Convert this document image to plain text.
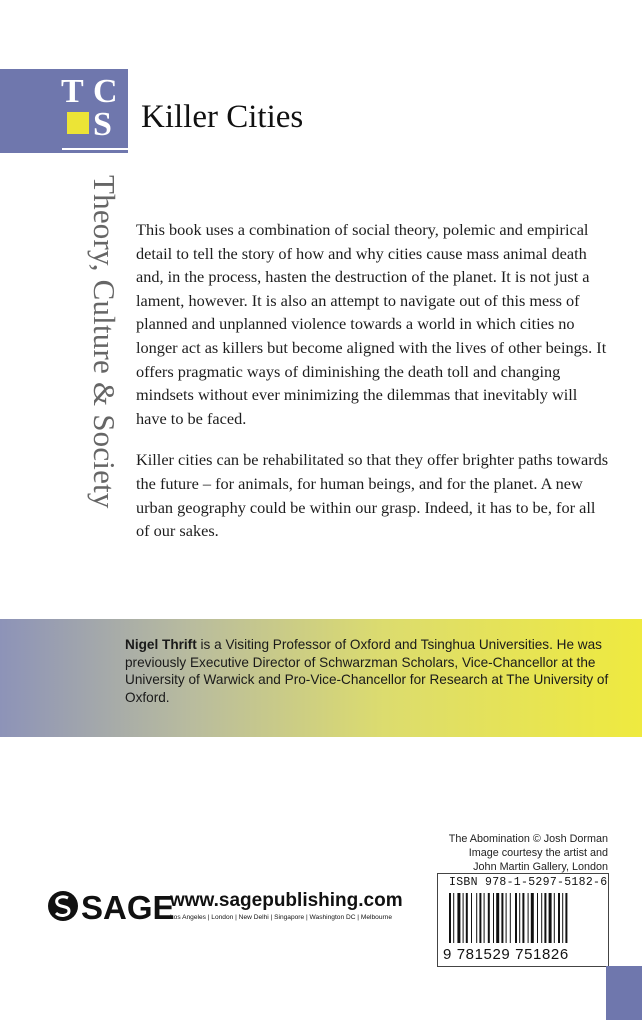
T C
S Killer Cities
Theory, Culture & Society This book uses a combination of social theory, polemic and empirical detail to tell the story of how and why cities cause mass animal death and, in the process, hasten the destruction of the planet. It is not just a lament, however. It is also an attempt to navigate out of this mess of planned and unplanned violence towards a world in which cities no longer act as killers but become aligned with the lives of other beings. It offers pragmatic ways of diminishing the death toll and changing mindsets without ever minimizing the dilemmas that inevitably will have to be faced.

Killer cities can be rehabilitated so that they offer brighter paths towards the future – for animals, for human beings, and for the planet. A new urban geography could be within our grasp. Indeed, it has to be, for all of our sakes.

Nigel Thrift is a Visiting Professor of Oxford and Tsinghua Universities. He was previously Executive Director of Schwarzman Scholars, Vice-Chancellor at the University of Warwick and Pro-Vice-Chancellor for Research at The University of Oxford.
The Abomination © Josh Dorman
Image courtesy the artist and
John Martin Gallery, London
SAGE
www.sagepublishing.com
Los Angeles | London | New Delhi | Singapore | Washington DC | Melbourne
ISBN 978-1-5297-5182-6
9 781529 751826
